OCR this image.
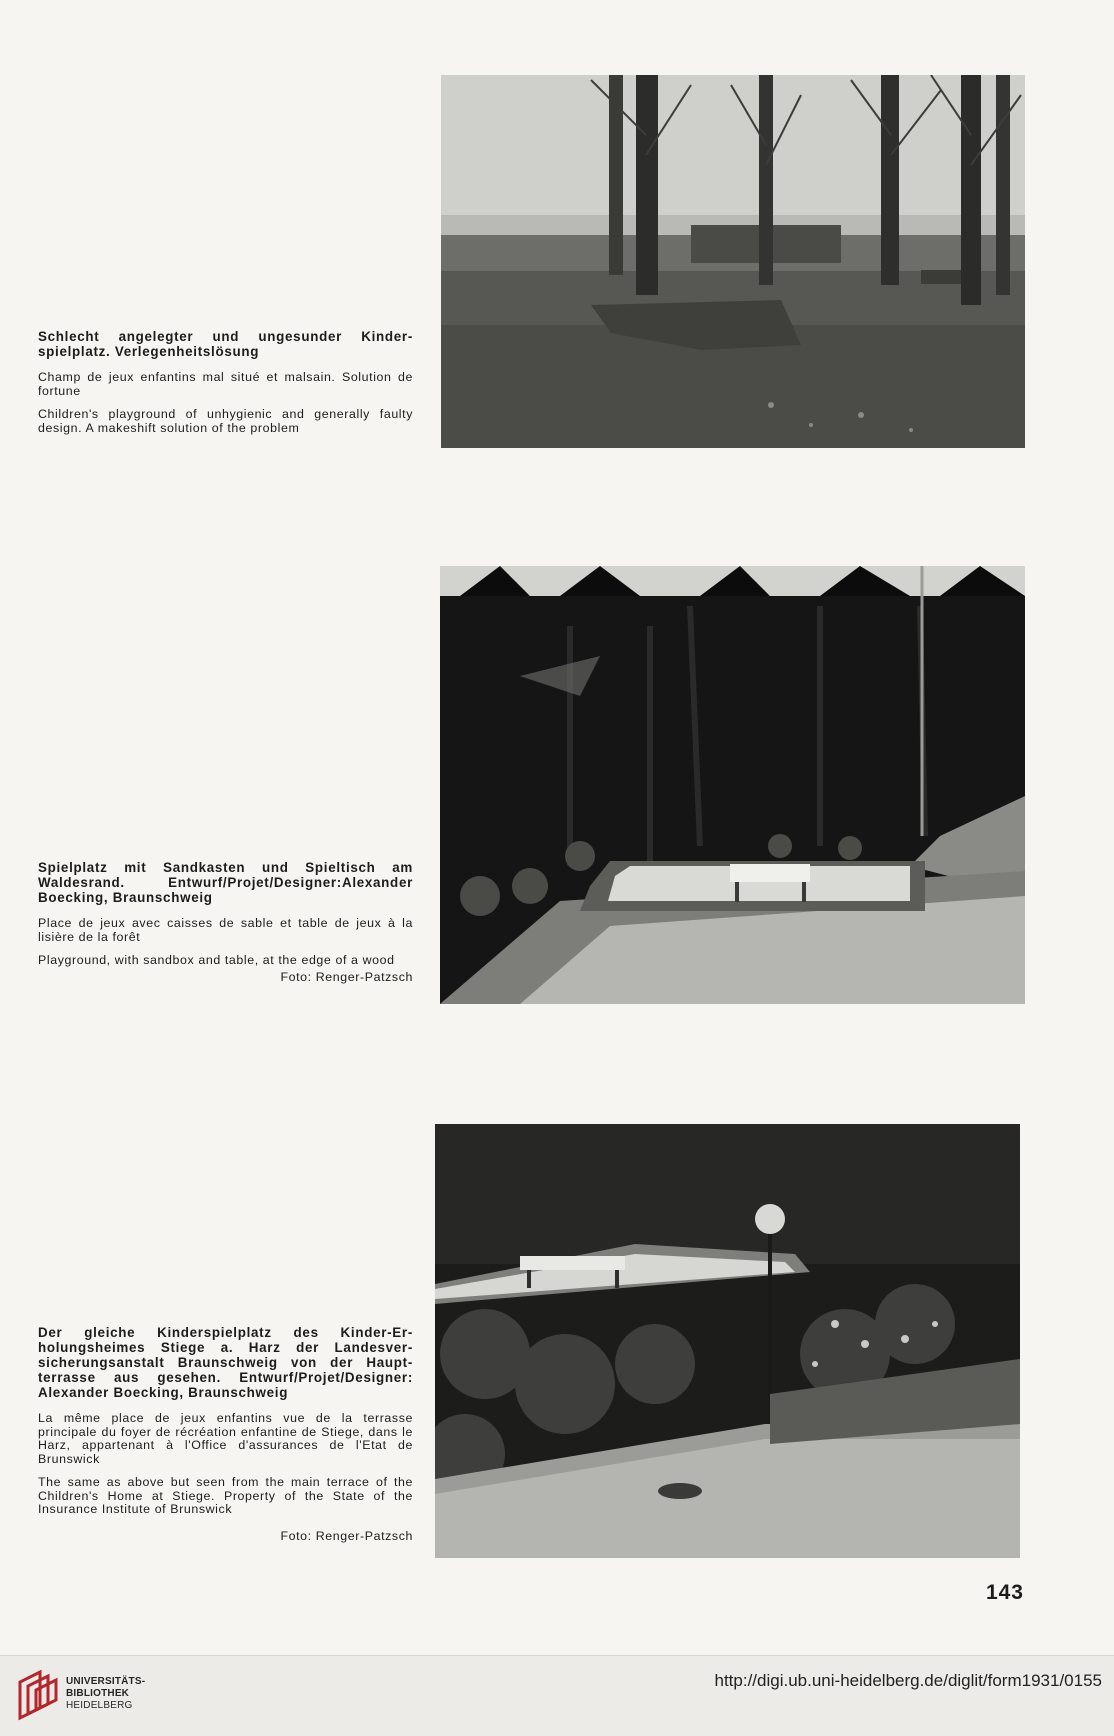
Schlecht angelegter und ungesunder Kinder-spielplatz. Verlegenheitslösung

Champ de jeux enfantins mal situé et malsain. Solution de fortune

Children's playground of unhygienic and generally faulty design. A makeshift solution of the problem

Spielplatz mit Sandkasten und Spieltisch am Waldesrand. Entwurf/Projet/Designer:Alexander Boecking, Braunschweig

Place de jeux avec caisses de sable et table de jeux à la lisière de la forêt

Playground, with sandbox and table, at the edge of a wood

Foto: Renger-Patzsch

Der gleiche Kinderspielplatz des Kinder-Er-holungsheimes Stiege a. Harz der Landesver-sicherungsanstalt Braunschweig von der Haupt-terrasse aus gesehen. Entwurf/Projet/Designer: Alexander Boecking, Braunschweig

La même place de jeux enfantins vue de la terrasse principale du foyer de récréation enfantine de Stiege, dans le Harz, appartenant à l'Office d'assurances de l'Etat de Brunswick

The same as above but seen from the main terrace of the Children's Home at Stiege. Property of the State of the Insurance Institute of Brunswick

Foto: Renger-Patzsch
143
UNIVERSITÄTS-
BIBLIOTHEK
HEIDELBERG
http://digi.ub.uni-heidelberg.de/diglit/form1931/0155
